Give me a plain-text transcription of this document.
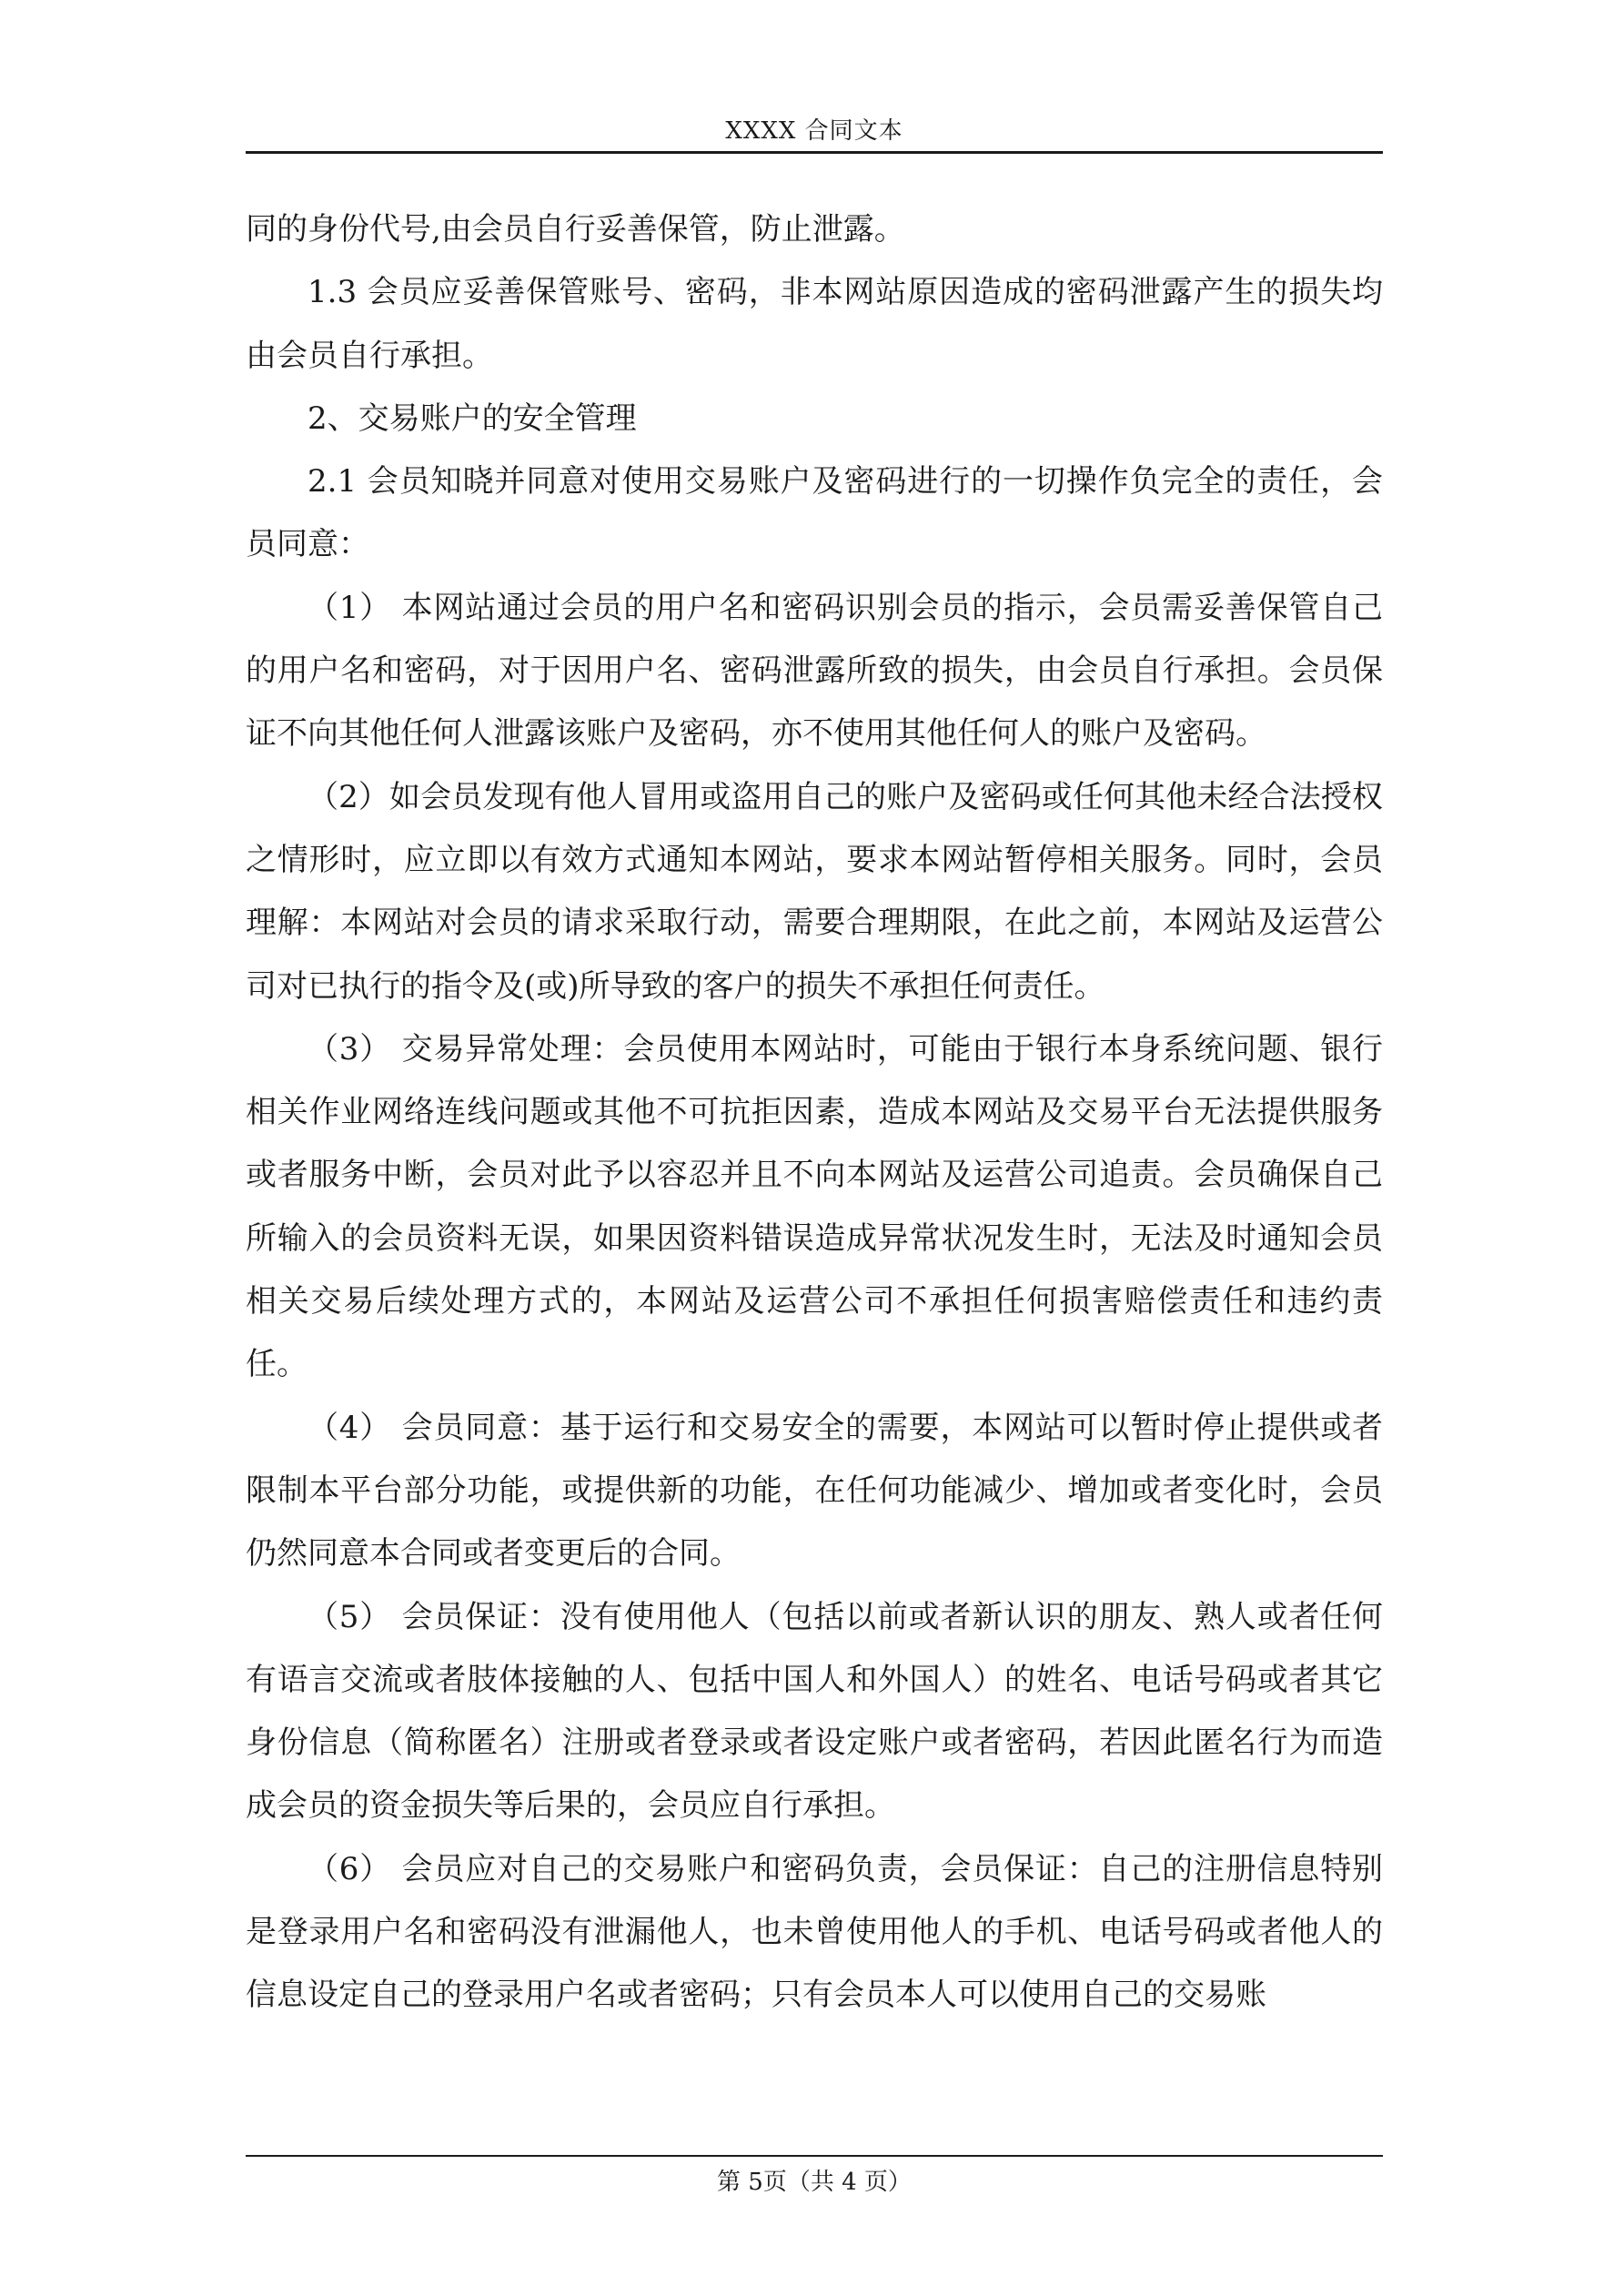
XXXX 合同文本

同的身份代号,由会员自行妥善保管，防止泄露。

1.3 会员应妥善保管账号、密码，非本网站原因造成的密码泄露产生的损失均由会员自行承担。

2、交易账户的安全管理

2.1 会员知晓并同意对使用交易账户及密码进行的一切操作负完全的责任，会员同意：

（1） 本网站通过会员的用户名和密码识别会员的指示，会员需妥善保管自己的用户名和密码，对于因用户名、密码泄露所致的损失，由会员自行承担。会员保证不向其他任何人泄露该账户及密码，亦不使用其他任何人的账户及密码。

（2）如会员发现有他人冒用或盗用自己的账户及密码或任何其他未经合法授权之情形时，应立即以有效方式通知本网站，要求本网站暂停相关服务。同时，会员理解：本网站对会员的请求采取行动，需要合理期限，在此之前，本网站及运营公司对已执行的指令及(或)所导致的客户的损失不承担任何责任。

（3） 交易异常处理：会员使用本网站时，可能由于银行本身系统问题、银行相关作业网络连线问题或其他不可抗拒因素，造成本网站及交易平台无法提供服务或者服务中断，会员对此予以容忍并且不向本网站及运营公司追责。会员确保自己所输入的会员资料无误，如果因资料错误造成异常状况发生时，无法及时通知会员相关交易后续处理方式的，本网站及运营公司不承担任何损害赔偿责任和违约责任。

（4） 会员同意：基于运行和交易安全的需要，本网站可以暂时停止提供或者限制本平台部分功能，或提供新的功能，在任何功能减少、增加或者变化时，会员仍然同意本合同或者变更后的合同。

（5） 会员保证：没有使用他人（包括以前或者新认识的朋友、熟人或者任何有语言交流或者肢体接触的人、包括中国人和外国人）的姓名、电话号码或者其它身份信息（简称匿名）注册或者登录或者设定账户或者密码，若因此匿名行为而造成会员的资金损失等后果的，会员应自行承担。

（6） 会员应对自己的交易账户和密码负责，会员保证：自己的注册信息特别是登录用户名和密码没有泄漏他人，也未曾使用他人的手机、电话号码或者他人的信息设定自己的登录用户名或者密码；只有会员本人可以使用自己的交易账

第 5页（共 4 页）
